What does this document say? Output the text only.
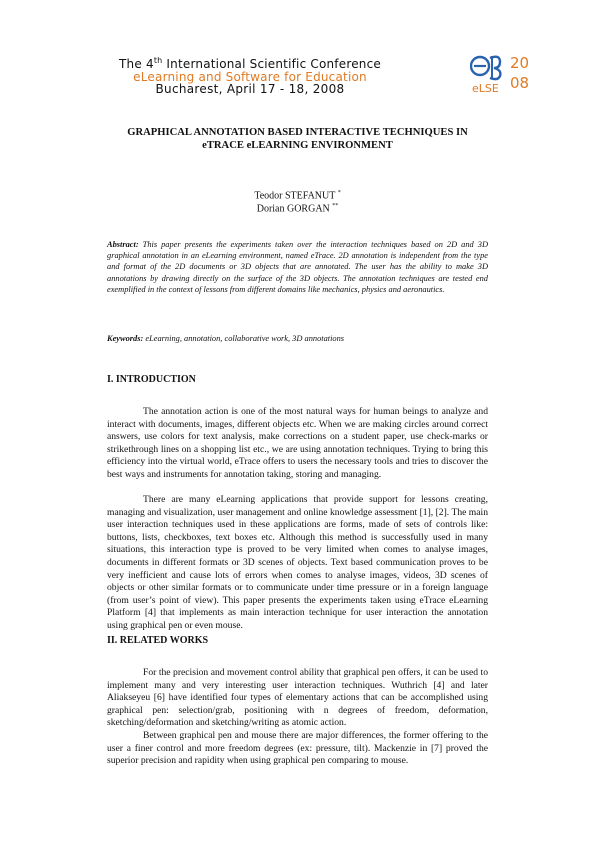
The 4th International Scientific Conference
eLearning and Software for Education
Bucharest, April 17 - 18, 2008
20
08
eLSE
GRAPHICAL ANNOTATION BASED INTERACTIVE TECHNIQUES IN
eTRACE eLEARNING ENVIRONMENT
Teodor STEFANUT *
Dorian GORGAN **
Abstract: This paper presents the experiments taken over the interaction techniques based on 2D and 3D graphical annotation in an eLearning environment, named eTrace. 2D annotation is independent from the type and format of the 2D documents or 3D objects that are annotated. The user has the ability to make 3D annotations by drawing directly on the surface of the 3D objects. The annotation techniques are tested end exemplified in the context of lessons from different domains like mechanics, physics and aeronautics.
Keywords: eLearning, annotation, collaborative work, 3D annotations
I. INTRODUCTION
The annotation action is one of the most natural ways for human beings to analyze and interact with documents, images, different objects etc. When we are making circles around correct answers, use colors for text analysis, make corrections on a student paper, use check-marks or strikethrough lines on a shopping list etc., we are using annotation techniques. Trying to bring this efficiency into the virtual world, eTrace offers to users the necessary tools and tries to discover the best ways and instruments for annotation taking, storing and managing.
There are many eLearning applications that provide support for lessons creating, managing and visualization, user management and online knowledge assessment [1], [2]. The main user interaction techniques used in these applications are forms, made of sets of controls like: buttons, lists, checkboxes, text boxes etc. Although this method is successfully used in many situations, this interaction type is proved to be very limited when comes to analyse images, documents in different formats or 3D scenes of objects. Text based communication proves to be very inefficient and cause lots of errors when comes to analyse images, videos, 3D scenes of objects or other similar formats or to communicate under time pressure or in a foreign language (from user’s point of view). This paper presents the experiments taken using eTrace eLearning Platform [4] that implements as main interaction technique for user interaction the annotation using graphical pen or even mouse.
II. RELATED WORKS
For the precision and movement control ability that graphical pen offers, it can be used to implement many and very interesting user interaction techniques. Wuthrich [4] and later Aliakseyeu [6] have identified four types of elementary actions that can be accomplished using graphical pen: selection/grab, positioning with n degrees of freedom, deformation, sketching/deformation and sketching/writing as atomic action.
Between graphical pen and mouse there are major differences, the former offering to the user a finer control and more freedom degrees (ex: pressure, tilt). Mackenzie in [7] proved the superior precision and rapidity when using graphical pen comparing to mouse.
